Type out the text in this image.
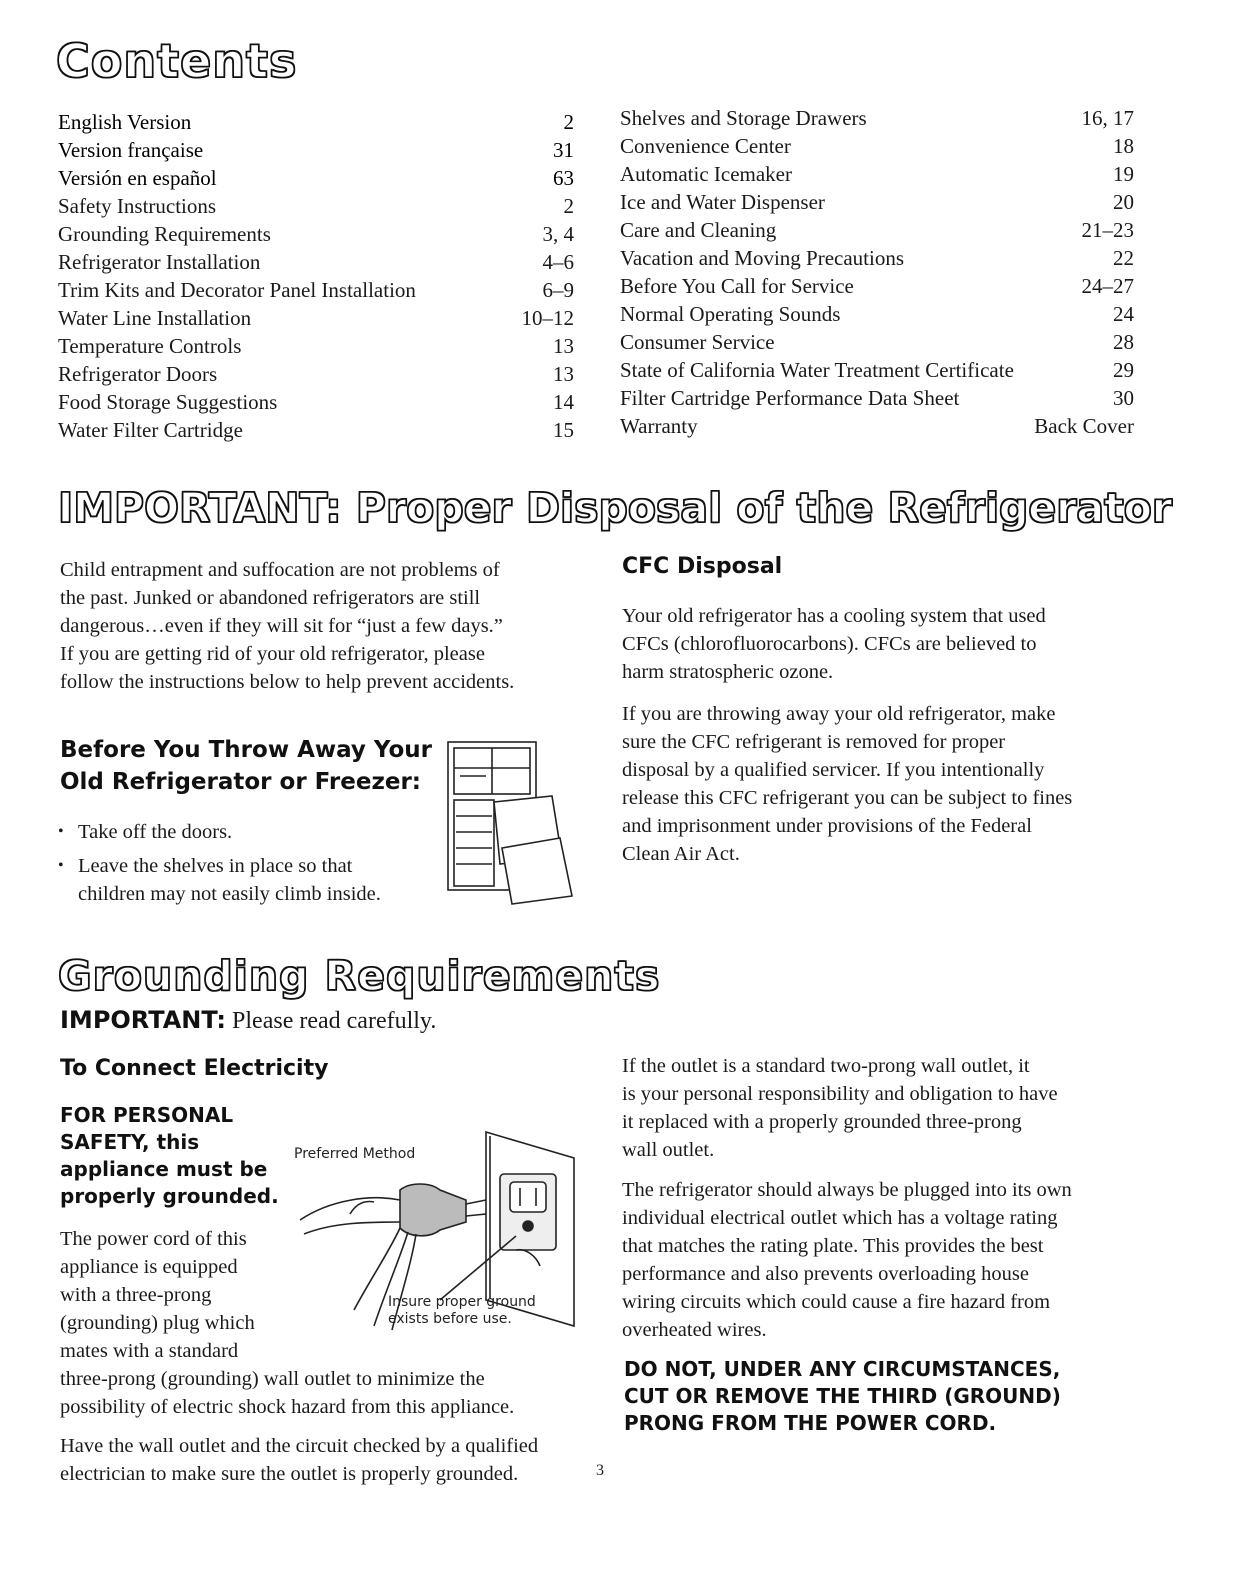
Contents
English Version	2
Version française	31
Versión en español	63
Safety Instructions	2
Grounding Requirements	3, 4
Refrigerator Installation	4–6
Trim Kits and Decorator Panel Installation	6–9
Water Line Installation	10–12
Temperature Controls	13
Refrigerator Doors	13
Food Storage Suggestions	14
Water Filter Cartridge	15
Shelves and Storage Drawers	16, 17
Convenience Center	18
Automatic Icemaker	19
Ice and Water Dispenser	20
Care and Cleaning	21–23
Vacation and Moving Precautions	22
Before You Call for Service	24–27
Normal Operating Sounds	24
Consumer Service	28
State of California Water Treatment Certificate	29
Filter Cartridge Performance Data Sheet	30
Warranty	Back Cover
IMPORTANT: Proper Disposal of the Refrigerator

Child entrapment and suffocation are not problems of

the past. Junked or abandoned refrigerators are still

dangerous…even if they will sit for “just a few days.”

If you are getting rid of your old refrigerator, please

follow the instructions below to help prevent accidents.

Before You Throw Away Your
Old Refrigerator or Freezer:
• Take off the doors.
• Leave the shelves in place so that
children may not easily climb inside.
CFC Disposal

Your old refrigerator has a cooling system that used

CFCs (chlorofluorocarbons). CFCs are believed to

harm stratospheric ozone.

If you are throwing away your old refrigerator, make

sure the CFC refrigerant is removed for proper

disposal by a qualified servicer. If you intentionally

release this CFC refrigerant you can be subject to fines

and imprisonment under provisions of the Federal

Clean Air Act.

Grounding Requirements
IMPORTANT: Please read carefully.
To Connect Electricity
FOR PERSONAL
SAFETY, this
appliance must be
properly grounded.

The power cord of this

appliance is equipped

with a three-prong

(grounding) plug which

mates with a standard

three-prong (grounding) wall outlet to minimize the

possibility of electric shock hazard from this appliance.

Have the wall outlet and the circuit checked by a qualified

electrician to make sure the outlet is properly grounded.

Preferred Method
Insure proper ground
exists before use.

If the outlet is a standard two-prong wall outlet, it

is your personal responsibility and obligation to have

it replaced with a properly grounded three-prong

wall outlet.

The refrigerator should always be plugged into its own

individual electrical outlet which has a voltage rating

that matches the rating plate. This provides the best

performance and also prevents overloading house

wiring circuits which could cause a fire hazard from

overheated wires.

DO NOT, UNDER ANY CIRCUMSTANCES,
CUT OR REMOVE THE THIRD (GROUND)
PRONG FROM THE POWER CORD.
3
